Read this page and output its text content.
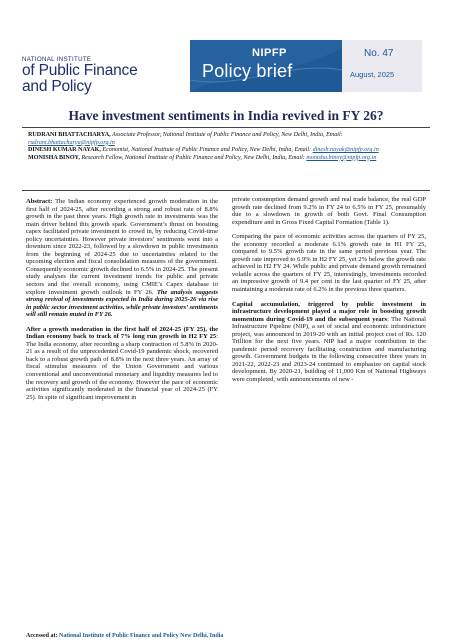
NATIONAL INSTITUTE
of Public Finance
and Policy
NIPFP
Policy brief
No. 47
August, 2025
Have investment sentiments in India revived in FY 26?
RUDRANI BHATTACHARYA, Associate Professor, National Institute of Public Finance and Policy, New Delhi, India, Email: rudrani.bhattacharya@nipfp.org.in
DINESH KUMAR NAYAK, Economist, National Institute of Public Finance and Policy, New Delhi, India, Email: dinesh.nayak@nipfp.org.in
MONISHA BINOY, Research Fellow, National Institute of Public Finance and Policy, New Delhi, India, Email: monisha.binoy@nipfp.org.in

Abstract: The Indian economy experienced growth moderation in the first half of 2024-25, after recording a strong and robust rate of 8.8% growth in the past three years. High growth rate in investments was the main driver behind this growth spark. Government’s thrust on boosting capex facilitated private investment to crowd in, by reducing Covid-time policy uncertainties. However private investors’ sentiments went into a downturn since 2022-23, followed by a slowdown in public investments from the beginning of 2024-25 due to uncertainties related to the upcoming election and fiscal consolidation measures of the government. Consequently economic growth declined to 6.5% in 2024-25. The present study analyses the current investment trends for public and private sectors and the overall economy, using CMIE’s Capex database to explore investment growth outlook in FY 26. The analysis suggests strong revival of investments expected in India during 2025-26 via rise in public sector investment activities, while private investors’ sentiments will still remain muted in FY 26.

After a growth moderation in the first half of 2024-25 (FY 25), the Indian economy back to track of 7% long run growth in H2 FY 25: The India economy, after recording a sharp contraction of 5.8% in 2020-21 as a result of the unprecedented Covid-19 pandemic shock, recovered back to a robust growth path of 8.8% in the next three years. An array of fiscal stimulus measures of the Union Government and various conventional and unconventional monetary and liquidity measures led to the recovery and growth of the economy. However the pace of economic activities significantly moderated in the financial year of 2024-25 (FY 25). In spite of significant improvement in

private consumption demand growth and real trade balance, the real GDP growth rate declined from 9.2% in FY 24 to 6.5% in FY 25, presumably due to a slowdown in growth of both Govt. Final Consumption expenditure and in Gross Fixed Capital Formation (Table 1).

Comparing the pace of economic activities across the quarters of FY 25, the economy recorded a moderate 6.1% growth rate in H1 FY 25, compared to 9.5% growth rate in the same period previous year. The growth rate improved to 6.9% in H2 FY 25, yet 2% below the growth rate achieved in H2 FY 24. While public and private demand growth remained volatile across the quarters of FY 25, interestingly, investments recorded an impressive growth of 9.4 per cent in the last quarter of FY 25, after maintaining a moderate rate of 6.2% in the previous three quarters.

Capital accumulation, triggered by public investment in infrastructure development played a major role in boosting growth momentum during Covid-19 and the subsequent years: The National Infrastructure Pipeline (NIP), a set of social and economic infrastructure project, was announced in 2019-20 with an initial project cost of Rs. 120 Trillion for the next five years. NIP had a major contribution in the pandemic period recovery facilitating construction and manufacturing growth. Government budgets in the following consecutive three years in 2021-22, 2022-23 and 2023-24 continued to emphasize on capital stock development. By 2020-21, building of 11,000 Km of National Highways were completed, with announcements of new -

Accessed at: National Institute of Public Finance and Policy New Delhi, India
